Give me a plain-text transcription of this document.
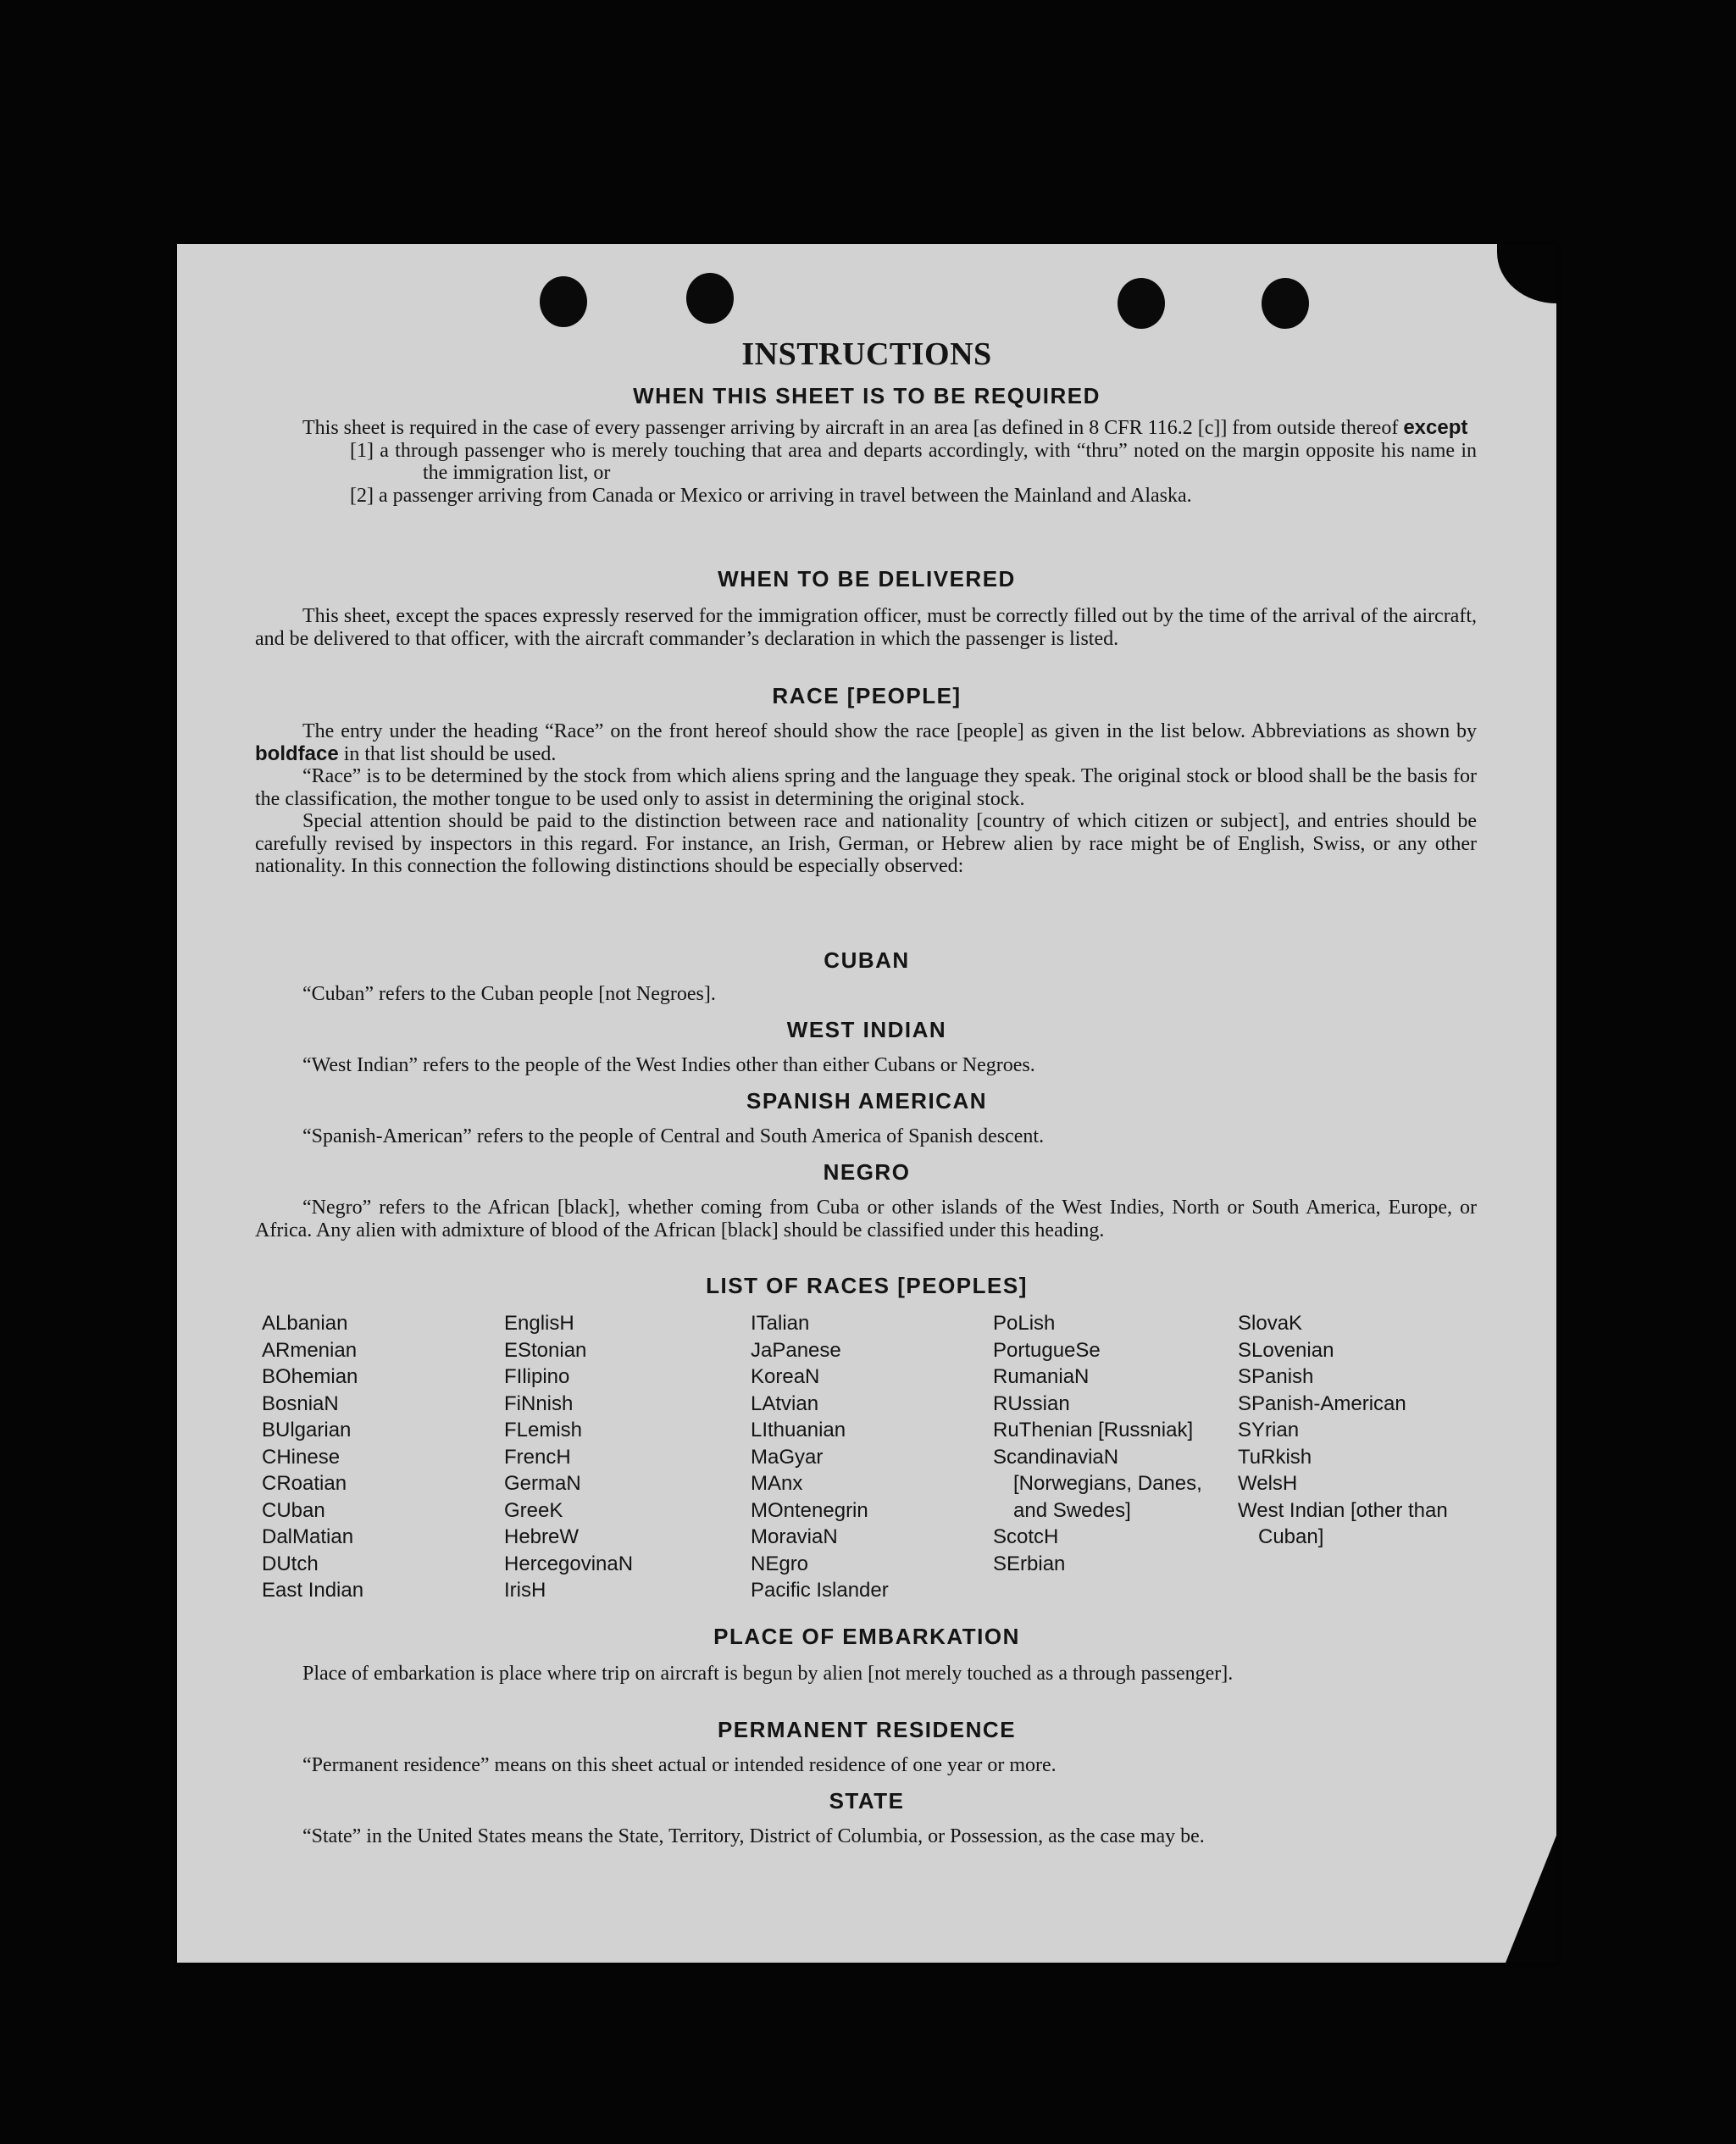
INSTRUCTIONS
WHEN THIS SHEET IS TO BE REQUIRED

This sheet is required in the case of every passenger arriving by aircraft in an area [as defined in 8 CFR 116.2 [c]] from outside thereof except

[1] a through passenger who is merely touching that area and departs accordingly, with “thru” noted on the margin opposite his name in the immigration list, or

[2] a passenger arriving from Canada or Mexico or arriving in travel between the Mainland and Alaska.

WHEN TO BE DELIVERED

This sheet, except the spaces expressly reserved for the immigration officer, must be correctly filled out by the time of the arrival of the aircraft, and be delivered to that officer, with the aircraft commander’s declaration in which the passenger is listed.

RACE [PEOPLE]

The entry under the heading “Race” on the front hereof should show the race [people] as given in the list below. Abbreviations as shown by boldface in that list should be used.

“Race” is to be determined by the stock from which aliens spring and the language they speak. The original stock or blood shall be the basis for the classification, the mother tongue to be used only to assist in determining the original stock.

Special attention should be paid to the distinction between race and nationality [country of which citizen or subject], and entries should be carefully revised by inspectors in this regard. For instance, an Irish, German, or Hebrew alien by race might be of English, Swiss, or any other nationality. In this connection the following distinctions should be especially observed:

CUBAN

“Cuban” refers to the Cuban people [not Negroes].

WEST INDIAN

“West Indian” refers to the people of the West Indies other than either Cubans or Negroes.

SPANISH AMERICAN

“Spanish-American” refers to the people of Central and South America of Spanish descent.

NEGRO

“Negro” refers to the African [black], whether coming from Cuba or other islands of the West Indies, North or South America, Europe, or Africa. Any alien with admixture of blood of the African [black] should be classified under this heading.

LIST OF RACES [PEOPLES]
ALbanian
ARmenian
BOhemian
BosniaN
BUlgarian
CHinese
CRoatian
CUban
DalMatian
DUtch
East Indian
EnglisH
EStonian
FIlipino
FiNnish
FLemish
FrencH
GermaN
GreeK
HebreW
HercegovinaN
IrisH
ITalian
JaPanese
KoreaN
LAtvian
LIthuanian
MaGyar
MAnx
MOntenegrin
MoraviaN
NEgro
Pacific Islander
PoLish
PortugueSe
RumaniaN
RUssian
RuThenian [Russniak]
ScandinaviaN [Norwegians, Danes, and Swedes]
ScotcH
SErbian
SlovaK
SLovenian
SPanish
SPanish-American
SYrian
TuRkish
WelsH
West Indian [other than Cuban]
PLACE OF EMBARKATION

Place of embarkation is place where trip on aircraft is begun by alien [not merely touched as a through passenger].

PERMANENT RESIDENCE

“Permanent residence” means on this sheet actual or intended residence of one year or more.

STATE

“State” in the United States means the State, Territory, District of Columbia, or Possession, as the case may be.
